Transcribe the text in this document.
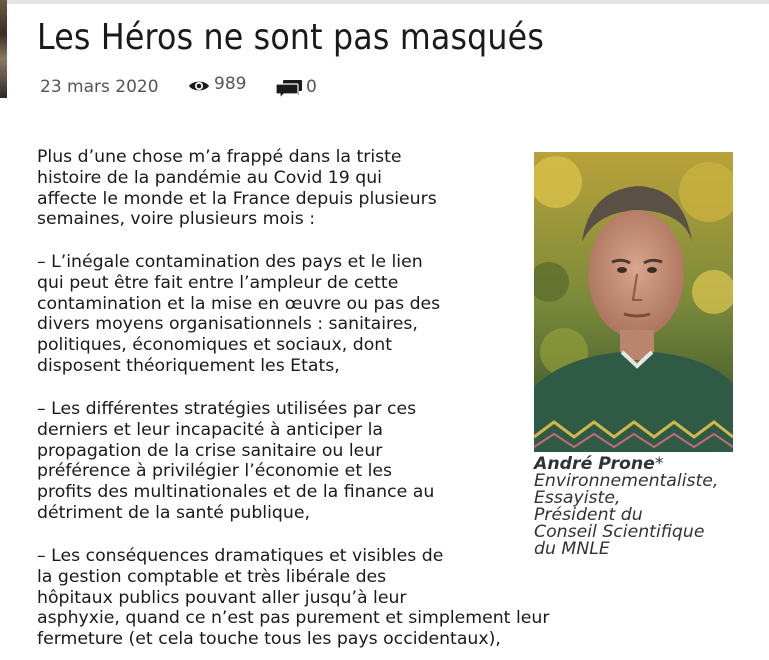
Les Héros ne sont pas masqués
23 mars 2020	989	0

Plus d’une chose m’a frappé dans la triste
histoire de la pandémie au Covid 19 qui
affecte le monde et la France depuis plusieurs
semaines, voire plusieurs mois :

– L’inégale contamination des pays et le lien
qui peut être fait entre l’ampleur de cette
contamination et la mise en œuvre ou pas des
divers moyens organisationnels : sanitaires,
politiques, économiques et sociaux, dont
disposent théoriquement les Etats,

– Les différentes stratégies utilisées par ces
derniers et leur incapacité à anticiper la
propagation de la crise sanitaire ou leur
préférence à privilégier l’économie et les
profits des multinationales et de la finance au
détriment de la santé publique,

– Les conséquences dramatiques et visibles de
la gestion comptable et très libérale des
hôpitaux publics pouvant aller jusqu’à leur
asphyxie, quand ce n’est pas purement et simplement leur
fermeture (et cela touche tous les pays occidentaux),

André Prone*
Environnementaliste,
Essayiste,
Président du
Conseil Scientifique
du MNLE
